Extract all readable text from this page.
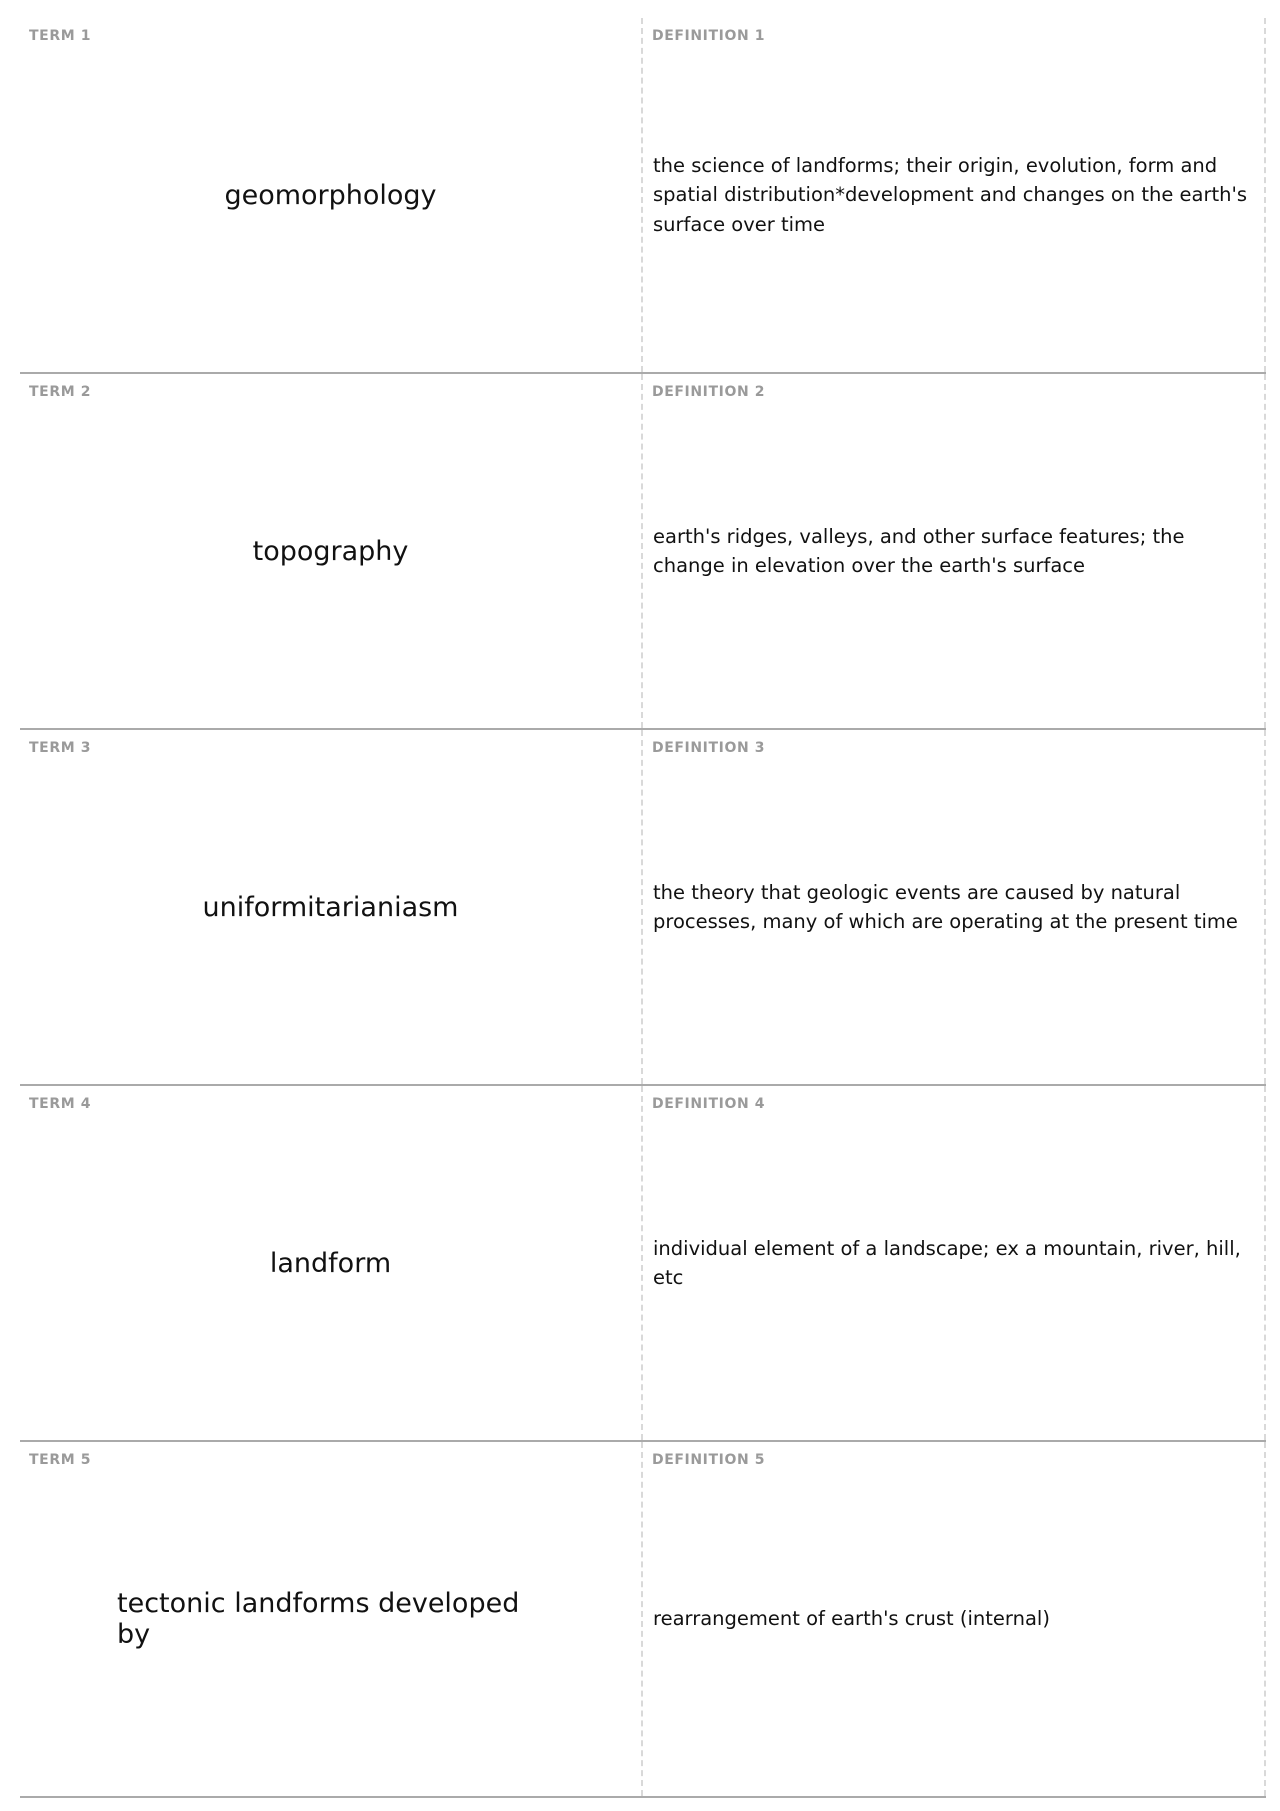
TERM 1
geomorphology
DEFINITION 1
the science of landforms; their origin, evolution, form and spatial distribution*development and changes on the earth's surface over time
TERM 2
topography
DEFINITION 2
earth's ridges, valleys, and other surface features; the change in elevation over the earth's surface
TERM 3
uniformitarianiasm
DEFINITION 3
the theory that geologic events are caused by natural processes, many of which are operating at the present time
TERM 4
landform
DEFINITION 4
individual element of a landscape; ex a mountain, river, hill, etc
TERM 5
tectonic landforms developed by
DEFINITION 5
rearrangement of earth's crust (internal)
